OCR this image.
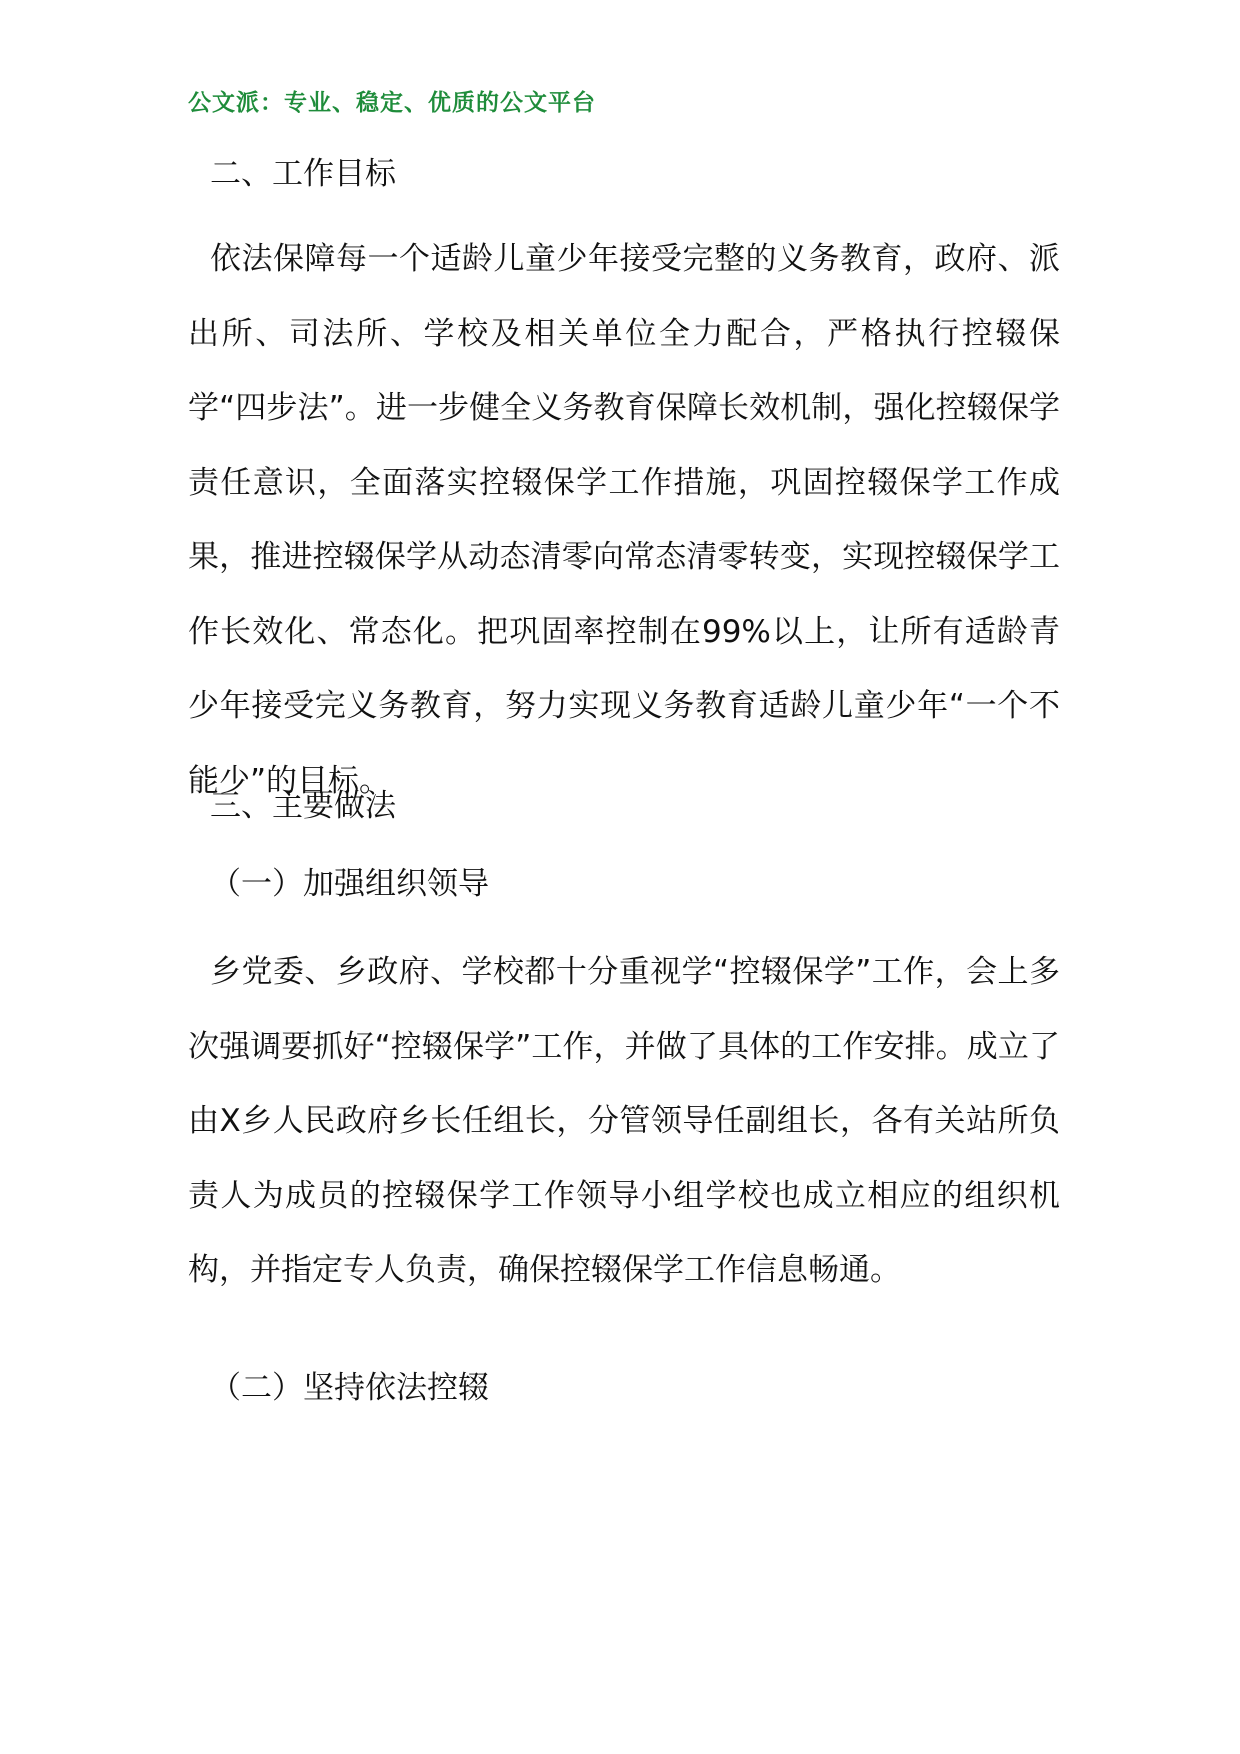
公文派：专业、稳定、优质的公文平台
二、工作目标

依法保障每一个适龄儿童少年接受完整的义务教育，政府、派出所、司法所、学校及相关单位全力配合，严格执行控辍保学“四步法”。进一步健全义务教育保障长效机制，强化控辍保学责任意识，全面落实控辍保学工作措施，巩固控辍保学工作成果，推进控辍保学从动态清零向常态清零转变，实现控辍保学工作长效化、常态化。把巩固率控制在99%以上，让所有适龄青少年接受完义务教育，努力实现义务教育适龄儿童少年“一个不能少”的目标。

三、主要做法
（一）加强组织领导

乡党委、乡政府、学校都十分重视学“控辍保学”工作，会上多次强调要抓好“控辍保学”工作，并做了具体的工作安排。成立了由X乡人民政府乡长任组长，分管领导任副组长，各有关站所负责人为成员的控辍保学工作领导小组学校也成立相应的组织机构，并指定专人负责，确保控辍保学工作信息畅通。

（二）坚持依法控辍
